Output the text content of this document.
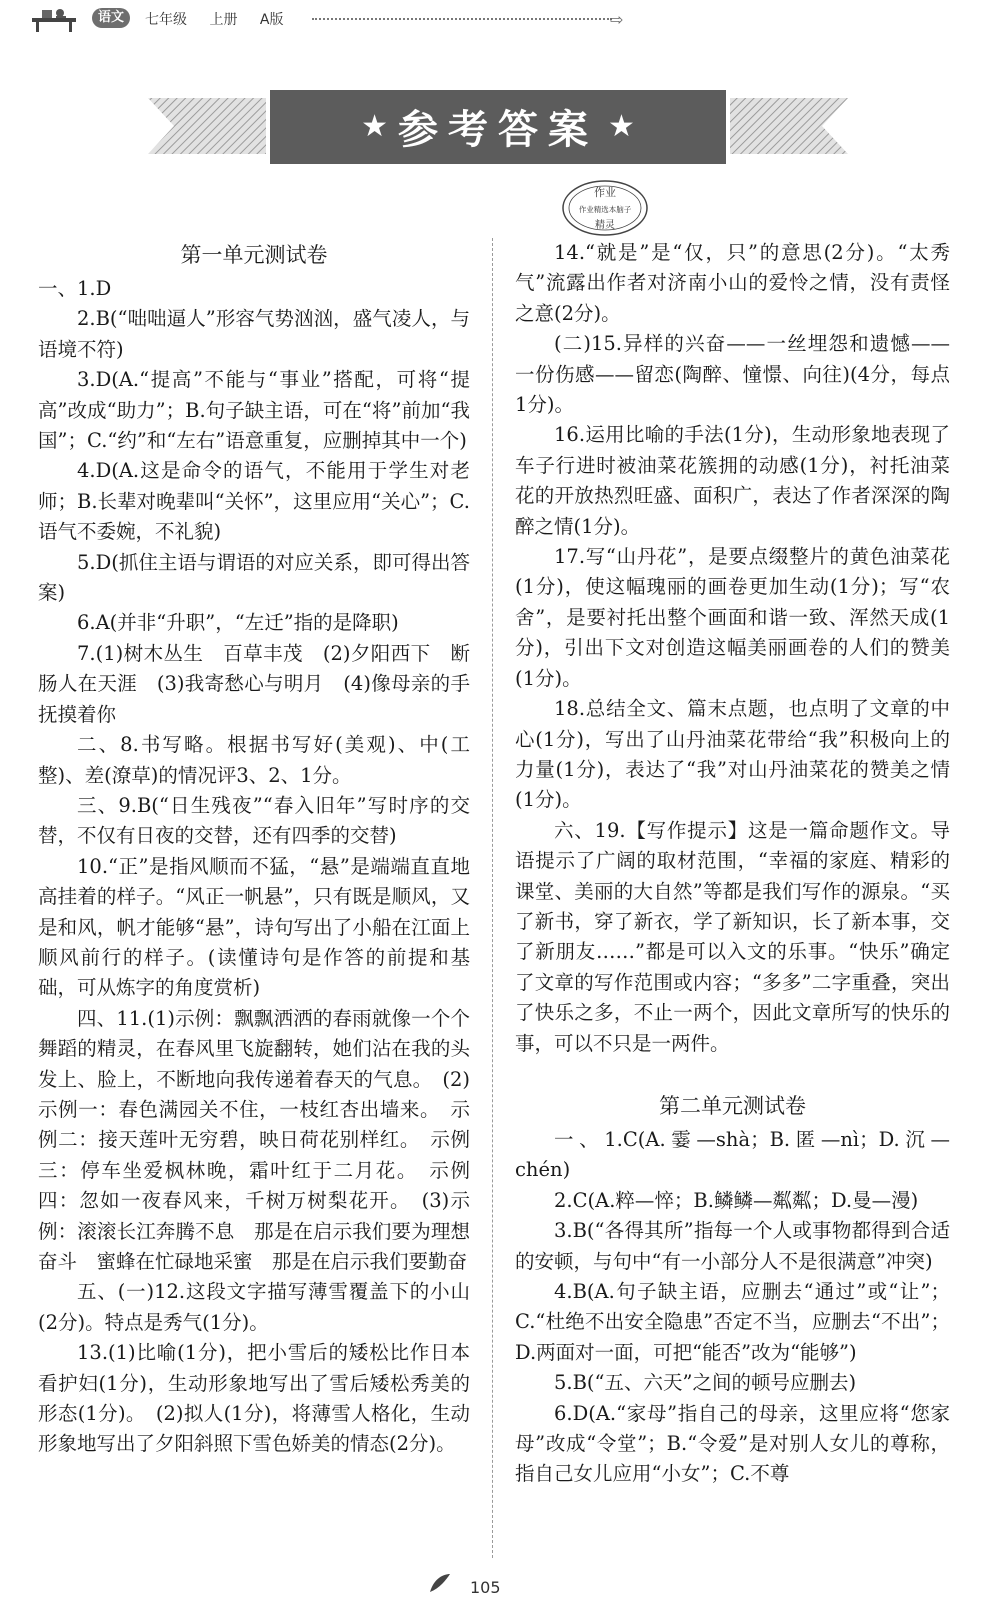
语文	七年级 上册 A版	⇨
★ 参考答案 ★
作业
作业精选本脑子
精灵
第一单元测试卷

一、1.D

2.B(“咄咄逼人”形容气势汹汹，盛气凌人，与语境不符)

3.D(A.“提高”不能与“事业”搭配，可将“提高”改成“助力”；B.句子缺主语，可在“将”前加“我国”；C.“约”和“左右”语意重复，应删掉其中一个)

4.D(A.这是命令的语气，不能用于学生对老师；B.长辈对晚辈叫“关怀”，这里应用“关心”；C.语气不委婉，不礼貌)

5.D(抓住主语与谓语的对应关系，即可得出答案)

6.A(并非“升职”，“左迁”指的是降职)

7.(1)树木丛生　百草丰茂　(2)夕阳西下　断肠人在天涯　(3)我寄愁心与明月　(4)像母亲的手抚摸着你

二、8.书写略。根据书写好(美观)、中(工整)、差(潦草)的情况评3、2、1分。

三、9.B(“日生残夜”“春入旧年”写时序的交替，不仅有日夜的交替，还有四季的交替)

10.“正”是指风顺而不猛，“悬”是端端直直地高挂着的样子。“风正一帆悬”，只有既是顺风，又是和风，帆才能够“悬”，诗句写出了小船在江面上顺风前行的样子。(读懂诗句是作答的前提和基础，可从炼字的角度赏析)

四、11.(1)示例：飘飘洒洒的春雨就像一个个舞蹈的精灵，在春风里飞旋翻转，她们沾在我的头发上、脸上，不断地向我传递着春天的气息。　(2)示例一：春色满园关不住，一枝红杏出墙来。　示例二：接天莲叶无穷碧，映日荷花别样红。　示例三：停车坐爱枫林晚，霜叶红于二月花。　示例四：忽如一夜春风来，千树万树梨花开。　(3)示例：滚滚长江奔腾不息　那是在启示我们要为理想奋斗　蜜蜂在忙碌地采蜜　那是在启示我们要勤奋

五、(一)12.这段文字描写薄雪覆盖下的小山(2分)。特点是秀气(1分)。

13.(1)比喻(1分)，把小雪后的矮松比作日本看护妇(1分)，生动形象地写出了雪后矮松秀美的形态(1分)。　(2)拟人(1分)，将薄雪人格化，生动形象地写出了夕阳斜照下雪色娇美的情态(2分)。

14.“就是”是“仅，只”的意思(2分)。“太秀气”流露出作者对济南小山的爱怜之情，没有责怪之意(2分)。

(二)15.异样的兴奋——一丝埋怨和遗憾——一份伤感——留恋(陶醉、憧憬、向往)(4分，每点1分)。

16.运用比喻的手法(1分)，生动形象地表现了车子行进时被油菜花簇拥的动感(1分)，衬托油菜花的开放热烈旺盛、面积广，表达了作者深深的陶醉之情(1分)。

17.写“山丹花”，是要点缀整片的黄色油菜花(1分)，使这幅瑰丽的画卷更加生动(1分)；写“农舍”，是要衬托出整个画面和谐一致、浑然天成(1分)，引出下文对创造这幅美丽画卷的人们的赞美(1分)。

18.总结全文、篇末点题，也点明了文章的中心(1分)，写出了山丹油菜花带给“我”积极向上的力量(1分)，表达了“我”对山丹油菜花的赞美之情(1分)。

六、19.【写作提示】这是一篇命题作文。导语提示了广阔的取材范围，“幸福的家庭、精彩的课堂、美丽的大自然”等都是我们写作的源泉。“买了新书，穿了新衣，学了新知识，长了新本事，交了新朋友……”都是可以入文的乐事。“快乐”确定了文章的写作范围或内容；“多多”二字重叠，突出了快乐之多，不止一两个，因此文章所写的快乐的事，可以不只是一两件。

第二单元测试卷

一、1.C(A.霎—shà；B.匿—nì；D.沉—chén)

2.C(A.粹—悴；B.鳞鳞—粼粼；D.曼—漫)

3.B(“各得其所”指每一个人或事物都得到合适的安顿，与句中“有一小部分人不是很满意”冲突)

4.B(A.句子缺主语，应删去“通过”或“让”；C.“杜绝不出安全隐患”否定不当，应删去“不出”；D.两面对一面，可把“能否”改为“能够”)

5.B(“五、六天”之间的顿号应删去)

6.D(A.“家母”指自己的母亲，这里应将“您家母”改成“令堂”；B.“令爱”是对别人女儿的尊称，指自己女儿应用“小女”；C.不尊

105
